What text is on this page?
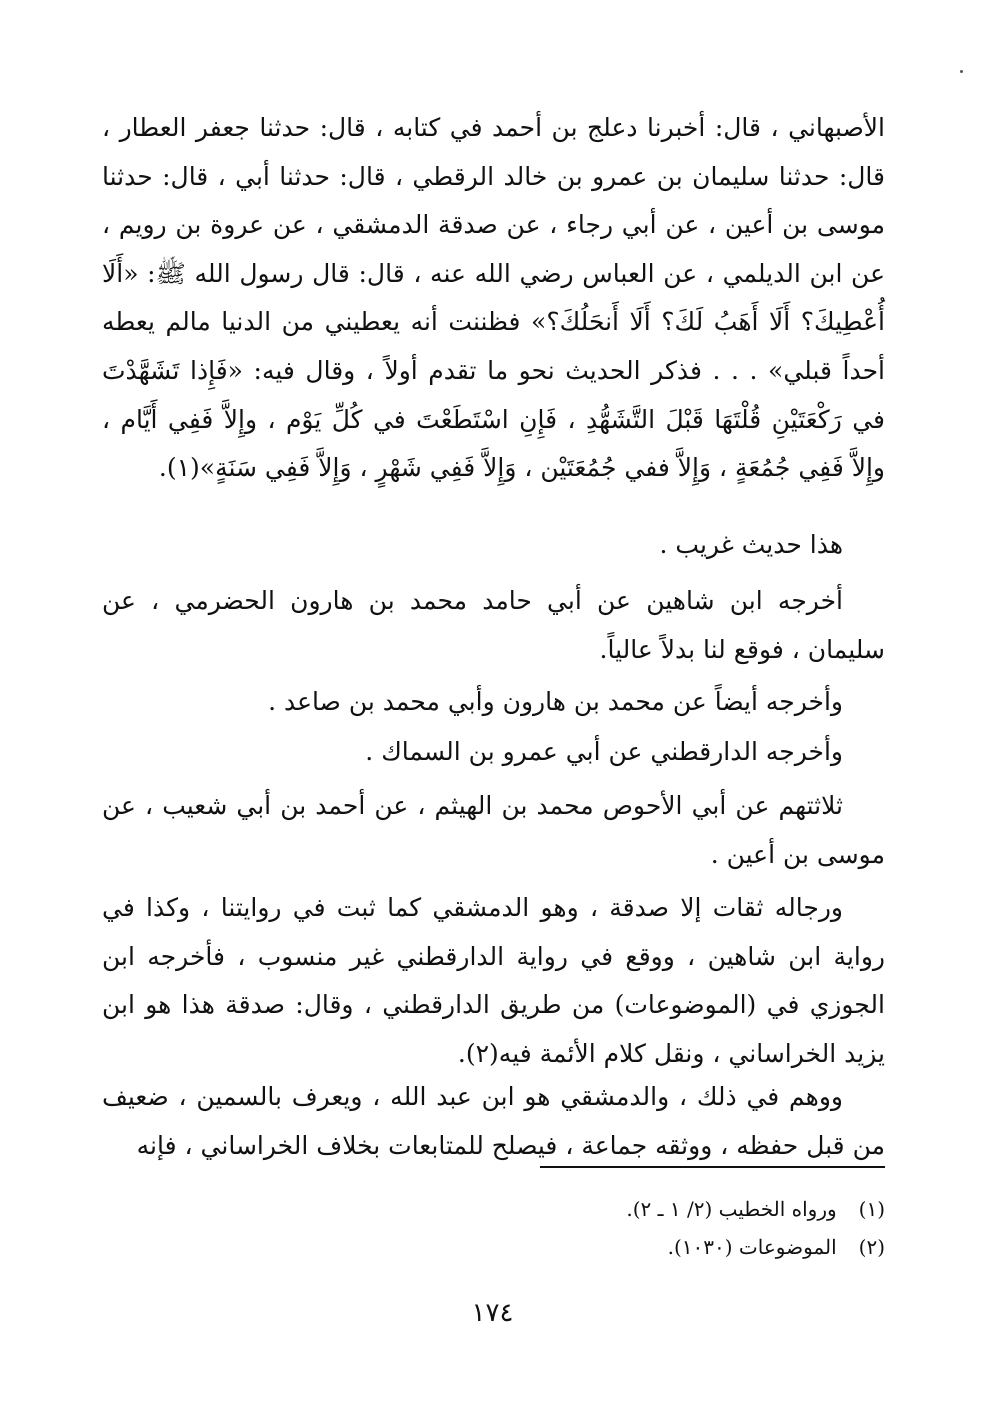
الأصبهاني ، قال: أخبرنا دعلج بن أحمد في كتابه ، قال: حدثنا جعفر العطار ، قال: حدثنا سليمان بن عمرو بن خالد الرقطي ، قال: حدثنا أبي ، قال: حدثنا موسى بن أعين ، عن أبي رجاء ، عن صدقة الدمشقي ، عن عروة بن رويم ، عن ابن الديلمي ، عن العباس رضي الله عنه ، قال: قال رسول الله ﷺ: «أَلَا أُعْطِيكَ؟ أَلَا أَهَبُ لَكَ؟ أَلَا أَنحَلُكَ؟» فظننت أنه يعطيني من الدنيا مالم يعطه أحداً قبلي» . . . فذكر الحديث نحو ما تقدم أولاً ، وقال فيه: «فَإِذا تَشَهَّدْتَ في رَكْعَتَيْنِ قُلْتَهَا قَبْلَ التَّشَهُّدِ ، فَإِنِ اسْتَطَعْتَ في كُلِّ يَوْم ، وإِلاَّ فَفِي أَيَّام ، وإِلاَّ فَفِي جُمُعَةٍ ، وَإِلاَّ ففي جُمُعَتَيْن ، وَإِلاَّ فَفِي شَهْرٍ ، وَإِلاَّ فَفِي سَنَةٍ»(١).

هذا حديث غريب .

أخرجه ابن شاهين عن أبي حامد محمد بن هارون الحضرمي ، عن سليمان ، فوقع لنا بدلاً عالياً.

وأخرجه أيضاً عن محمد بن هارون وأبي محمد بن صاعد .

وأخرجه الدارقطني عن أبي عمرو بن السماك .

ثلاثتهم عن أبي الأحوص محمد بن الهيثم ، عن أحمد بن أبي شعيب ، عن موسى بن أعين .

ورجاله ثقات إلا صدقة ، وهو الدمشقي كما ثبت في روايتنا ، وكذا في رواية ابن شاهين ، ووقع في رواية الدارقطني غير منسوب ، فأخرجه ابن الجوزي في (الموضوعات) من طريق الدارقطني ، وقال: صدقة هذا هو ابن يزيد الخراساني ، ونقل كلام الأئمة فيه(٢).

ووهم في ذلك ، والدمشقي هو ابن عبد الله ، ويعرف بالسمين ، ضعيف من قبل حفظه ، ووثقه جماعة ، فيصلح للمتابعات بخلاف الخراساني ، فإنه

(١) ورواه الخطيب (٢/ ١ ـ ٢).
(٢) الموضوعات (١٠٣٠).
١٧٤
